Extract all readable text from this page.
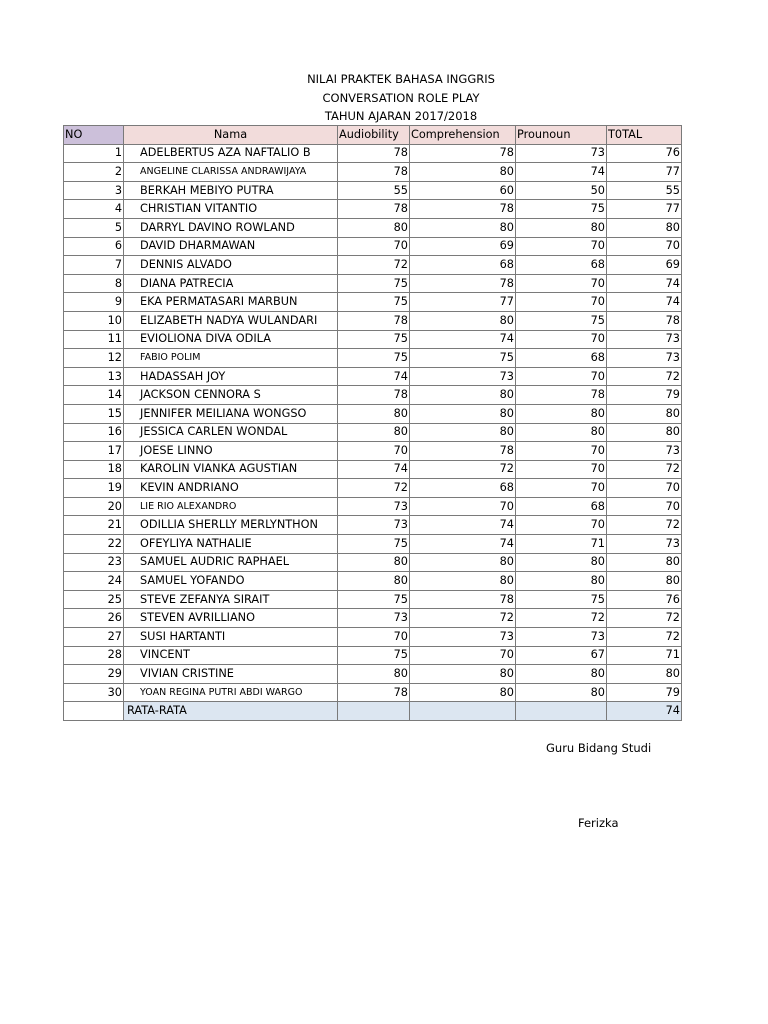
NILAI PRAKTEK BAHASA INGGRIS
CONVERSATION ROLE PLAY
TAHUN AJARAN 2017/2018
NO	Nama	Audiobility	Comprehension	Prounoun	T0TAL
1	ADELBERTUS AZA NAFTALIO B	78	78	73	76
2	ANGELINE CLARISSA ANDRAWIJAYA	78	80	74	77
3	BERKAH MEBIYO PUTRA	55	60	50	55
4	CHRISTIAN VITANTIO	78	78	75	77
5	DARRYL DAVINO ROWLAND	80	80	80	80
6	DAVID DHARMAWAN	70	69	70	70
7	DENNIS ALVADO	72	68	68	69
8	DIANA PATRECIA	75	78	70	74
9	EKA PERMATASARI MARBUN	75	77	70	74
10	ELIZABETH NADYA WULANDARI	78	80	75	78
11	EVIOLIONA DIVA ODILA	75	74	70	73
12	FABIO POLIM	75	75	68	73
13	HADASSAH JOY	74	73	70	72
14	JACKSON CENNORA S	78	80	78	79
15	JENNIFER MEILIANA WONGSO	80	80	80	80
16	JESSICA CARLEN WONDAL	80	80	80	80
17	JOESE LINNO	70	78	70	73
18	KAROLIN VIANKA AGUSTIAN	74	72	70	72
19	KEVIN ANDRIANO	72	68	70	70
20	LIE RIO ALEXANDRO	73	70	68	70
21	ODILLIA SHERLLY MERLYNTHON	73	74	70	72
22	OFEYLIYA NATHALIE	75	74	71	73
23	SAMUEL AUDRIC RAPHAEL	80	80	80	80
24	SAMUEL YOFANDO	80	80	80	80
25	STEVE ZEFANYA SIRAIT	75	78	75	76
26	STEVEN AVRILLIANO	73	72	72	72
27	SUSI HARTANTI	70	73	73	72
28	VINCENT	75	70	67	71
29	VIVIAN CRISTINE	80	80	80	80
30	YOAN REGINA PUTRI ABDI WARGO	78	80	80	79
	RATA-RATA				74
Guru Bidang Studi
Ferizka
